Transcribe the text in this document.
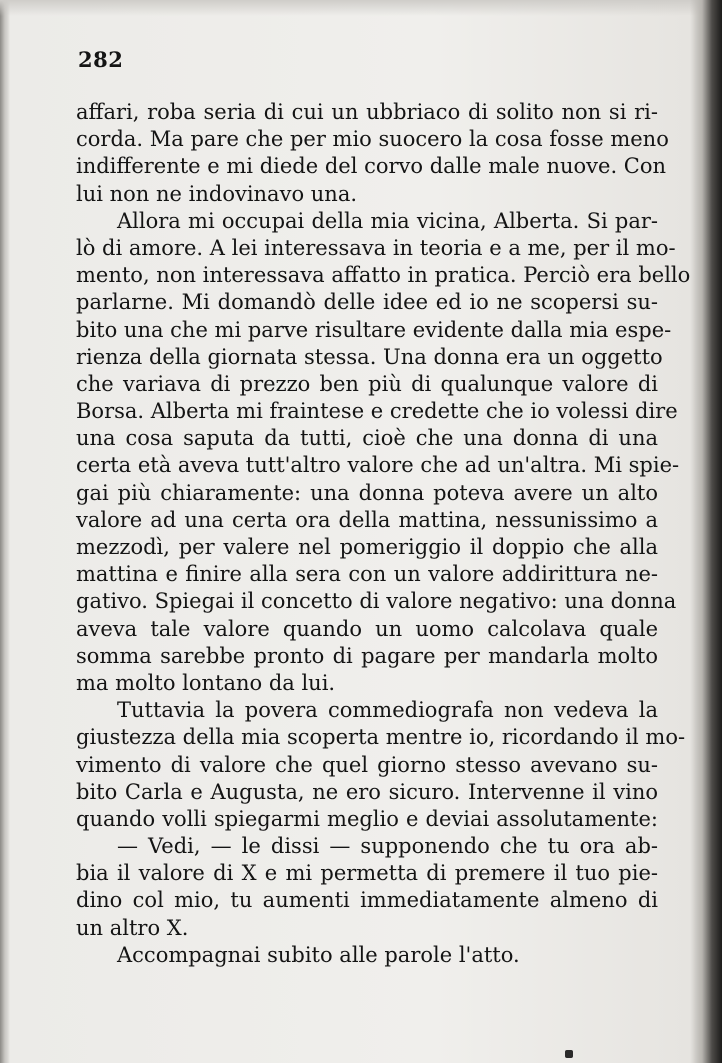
282

affari, roba seria di cui un ubbriaco di solito non si ri-
corda. Ma pare che per mio suocero la cosa fosse meno
indifferente e mi diede del corvo dalle male nuove. Con
lui non ne indovinavo una.

Allora mi occupai della mia vicina, Alberta. Si par-
lò di amore. A lei interessava in teoria e a me, per il mo-
mento, non interessava affatto in pratica. Perciò era bello
parlarne. Mi domandò delle idee ed io ne scopersi su-
bito una che mi parve risultare evidente dalla mia espe-
rienza della giornata stessa. Una donna era un oggetto
che variava di prezzo ben più di qualunque valore di
Borsa. Alberta mi fraintese e credette che io volessi dire
una cosa saputa da tutti, cioè che una donna di una
certa età aveva tutt'altro valore che ad un'altra. Mi spie-
gai più chiaramente: una donna poteva avere un alto
valore ad una certa ora della mattina, nessunissimo a
mezzodì, per valere nel pomeriggio il doppio che alla
mattina e finire alla sera con un valore addirittura ne-
gativo. Spiegai il concetto di valore negativo: una donna
aveva tale valore quando un uomo calcolava quale
somma sarebbe pronto di pagare per mandarla molto
ma molto lontano da lui.

Tuttavia la povera commediografa non vedeva la
giustezza della mia scoperta mentre io, ricordando il mo-
vimento di valore che quel giorno stesso avevano su-
bito Carla e Augusta, ne ero sicuro. Intervenne il vino
quando volli spiegarmi meglio e deviai assolutamente:

— Vedi, — le dissi — supponendo che tu ora ab-
bia il valore di X e mi permetta di premere il tuo pie-
dino col mio, tu aumenti immediatamente almeno di
un altro X.

Accompagnai subito alle parole l'atto.
